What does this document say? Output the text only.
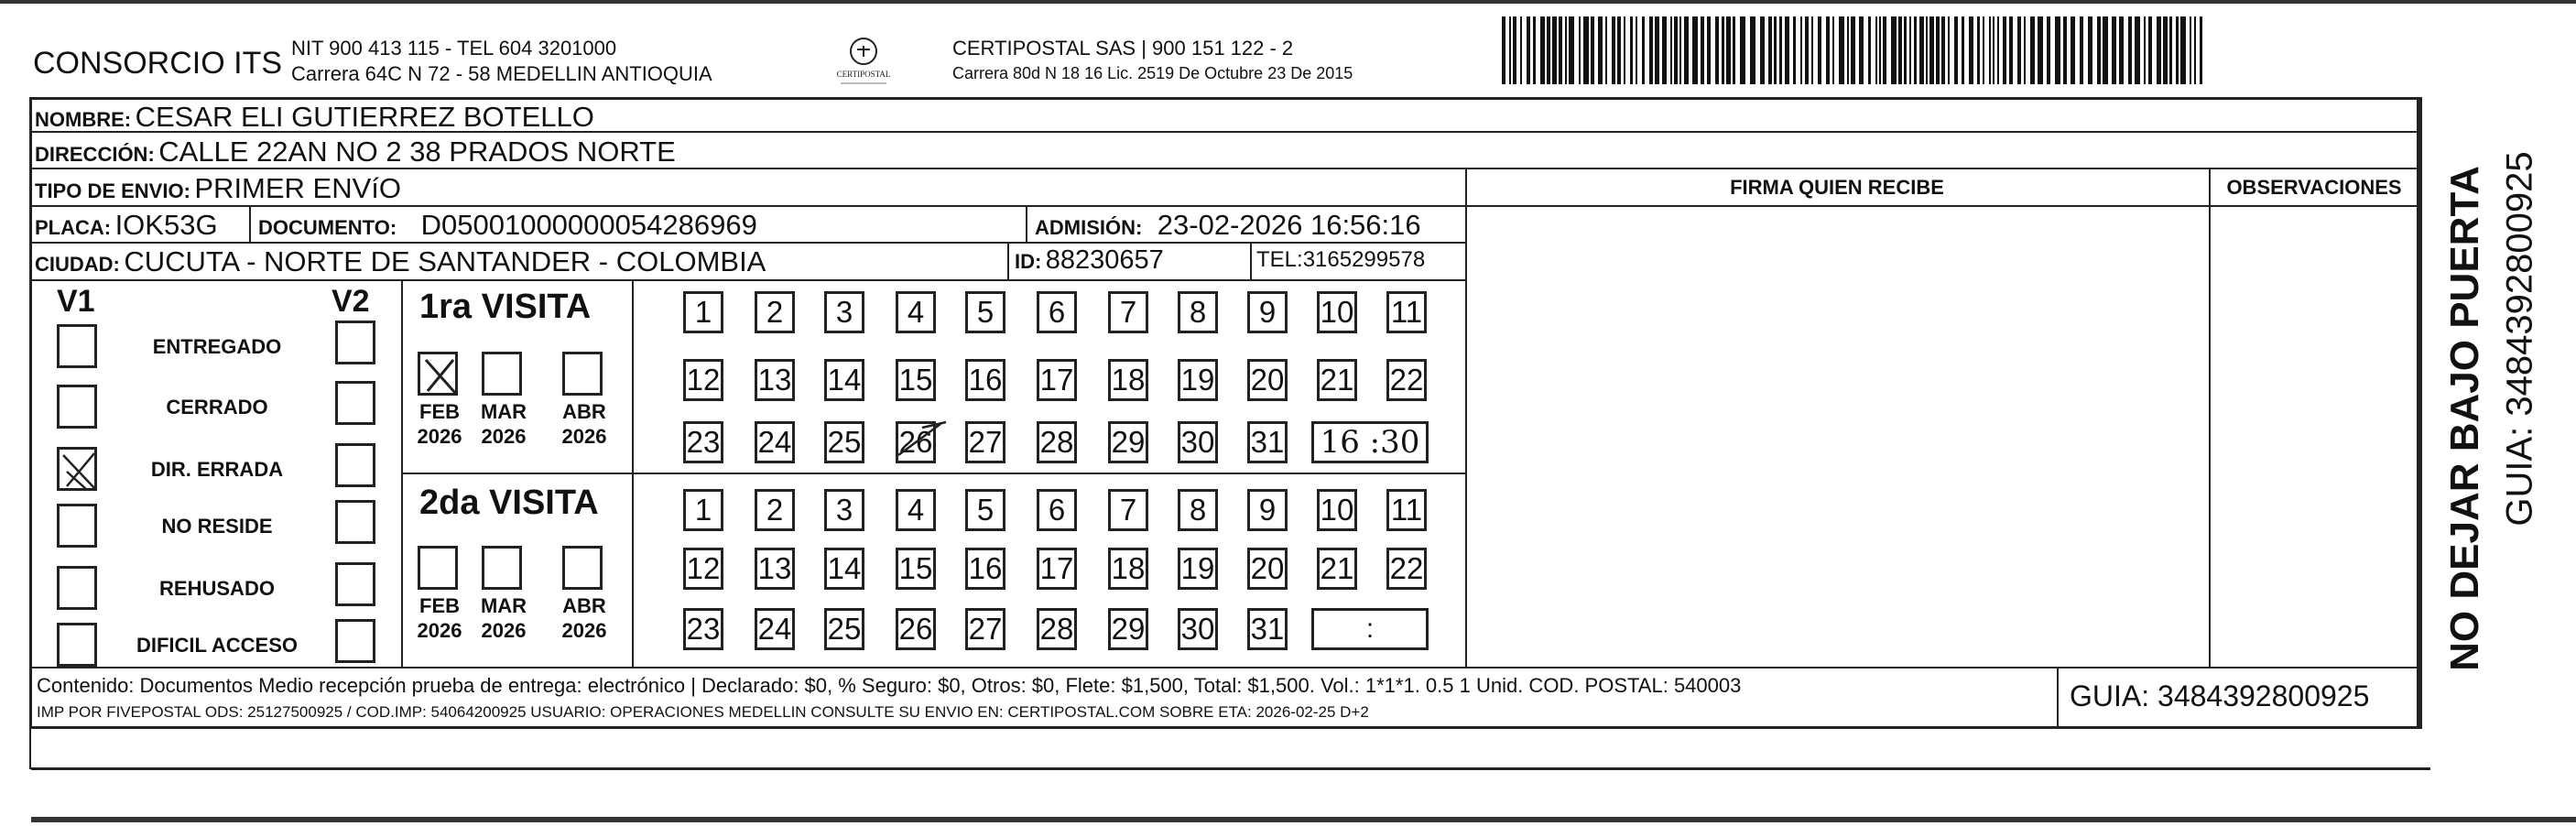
CONSORCIO ITS NIT 900 413 115 - TEL 604 3201000
Carrera 64C N 72 - 58 MEDELLIN ANTIOQUIA	CERTIPOSTAL
CERTIPOSTAL SAS | 900 151 122 - 2
Carrera 80d N 18 16 Lic. 2519 De Octubre 23 De 2015
NOMBRE: CESAR ELI GUTIERREZ BOTELLO
DIRECCIÓN: CALLE 22AN NO 2 38 PRADOS NORTE
TIPO DE ENVIO: PRIMER ENVíO
PLACA: IOK53G DOCUMENTO: D05001000000054286969	ADMISIÓN: 23-02-2026 16:56:16
CIUDAD: CUCUTA - NORTE DE SANTANDER - COLOMBIA	ID: 88230657	TEL:3165299578
FIRMA QUIEN RECIBE	OBSERVACIONES
V1	V2
ENTREGADO
CERRADO
DIR. ERRADA
NO RESIDE
REHUSADO
DIFICIL ACCESO
1ra VISITA
2da VISITA
FEB
2026
MAR
2026
ABR
2026
1	2	3	4	5	6	7	8	9	10 11
12 13 14 15 16 17 18 19 20 21 22
23 24 25 26 27 28 29 30 31 16 :30
FEB
2026
MAR
2026
ABR
2026
1	2	3	4	5	6	7	8	9	10 11
12 13 14 15 16 17 18 19 20 21 22
23 24 25 26 27 28 29 30 31	:
Contenido: Documentos Medio recepción prueba de entrega: electrónico | Declarado: $0, % Seguro: $0, Otros: $0, Flete: $1,500, Total: $1,500. Vol.: 1*1*1. 0.5 1 Unid. COD. POSTAL: 540003
IMP POR FIVEPOSTAL ODS: 25127500925 / COD.IMP: 54064200925 USUARIO: OPERACIONES MEDELLIN CONSULTE SU ENVIO EN: CERTIPOSTAL.COM SOBRE ETA: 2026-02-25 D+2	GUIA: 3484392800925
NO DEJAR BAJO PUERTA GUIA: 3484392800925
